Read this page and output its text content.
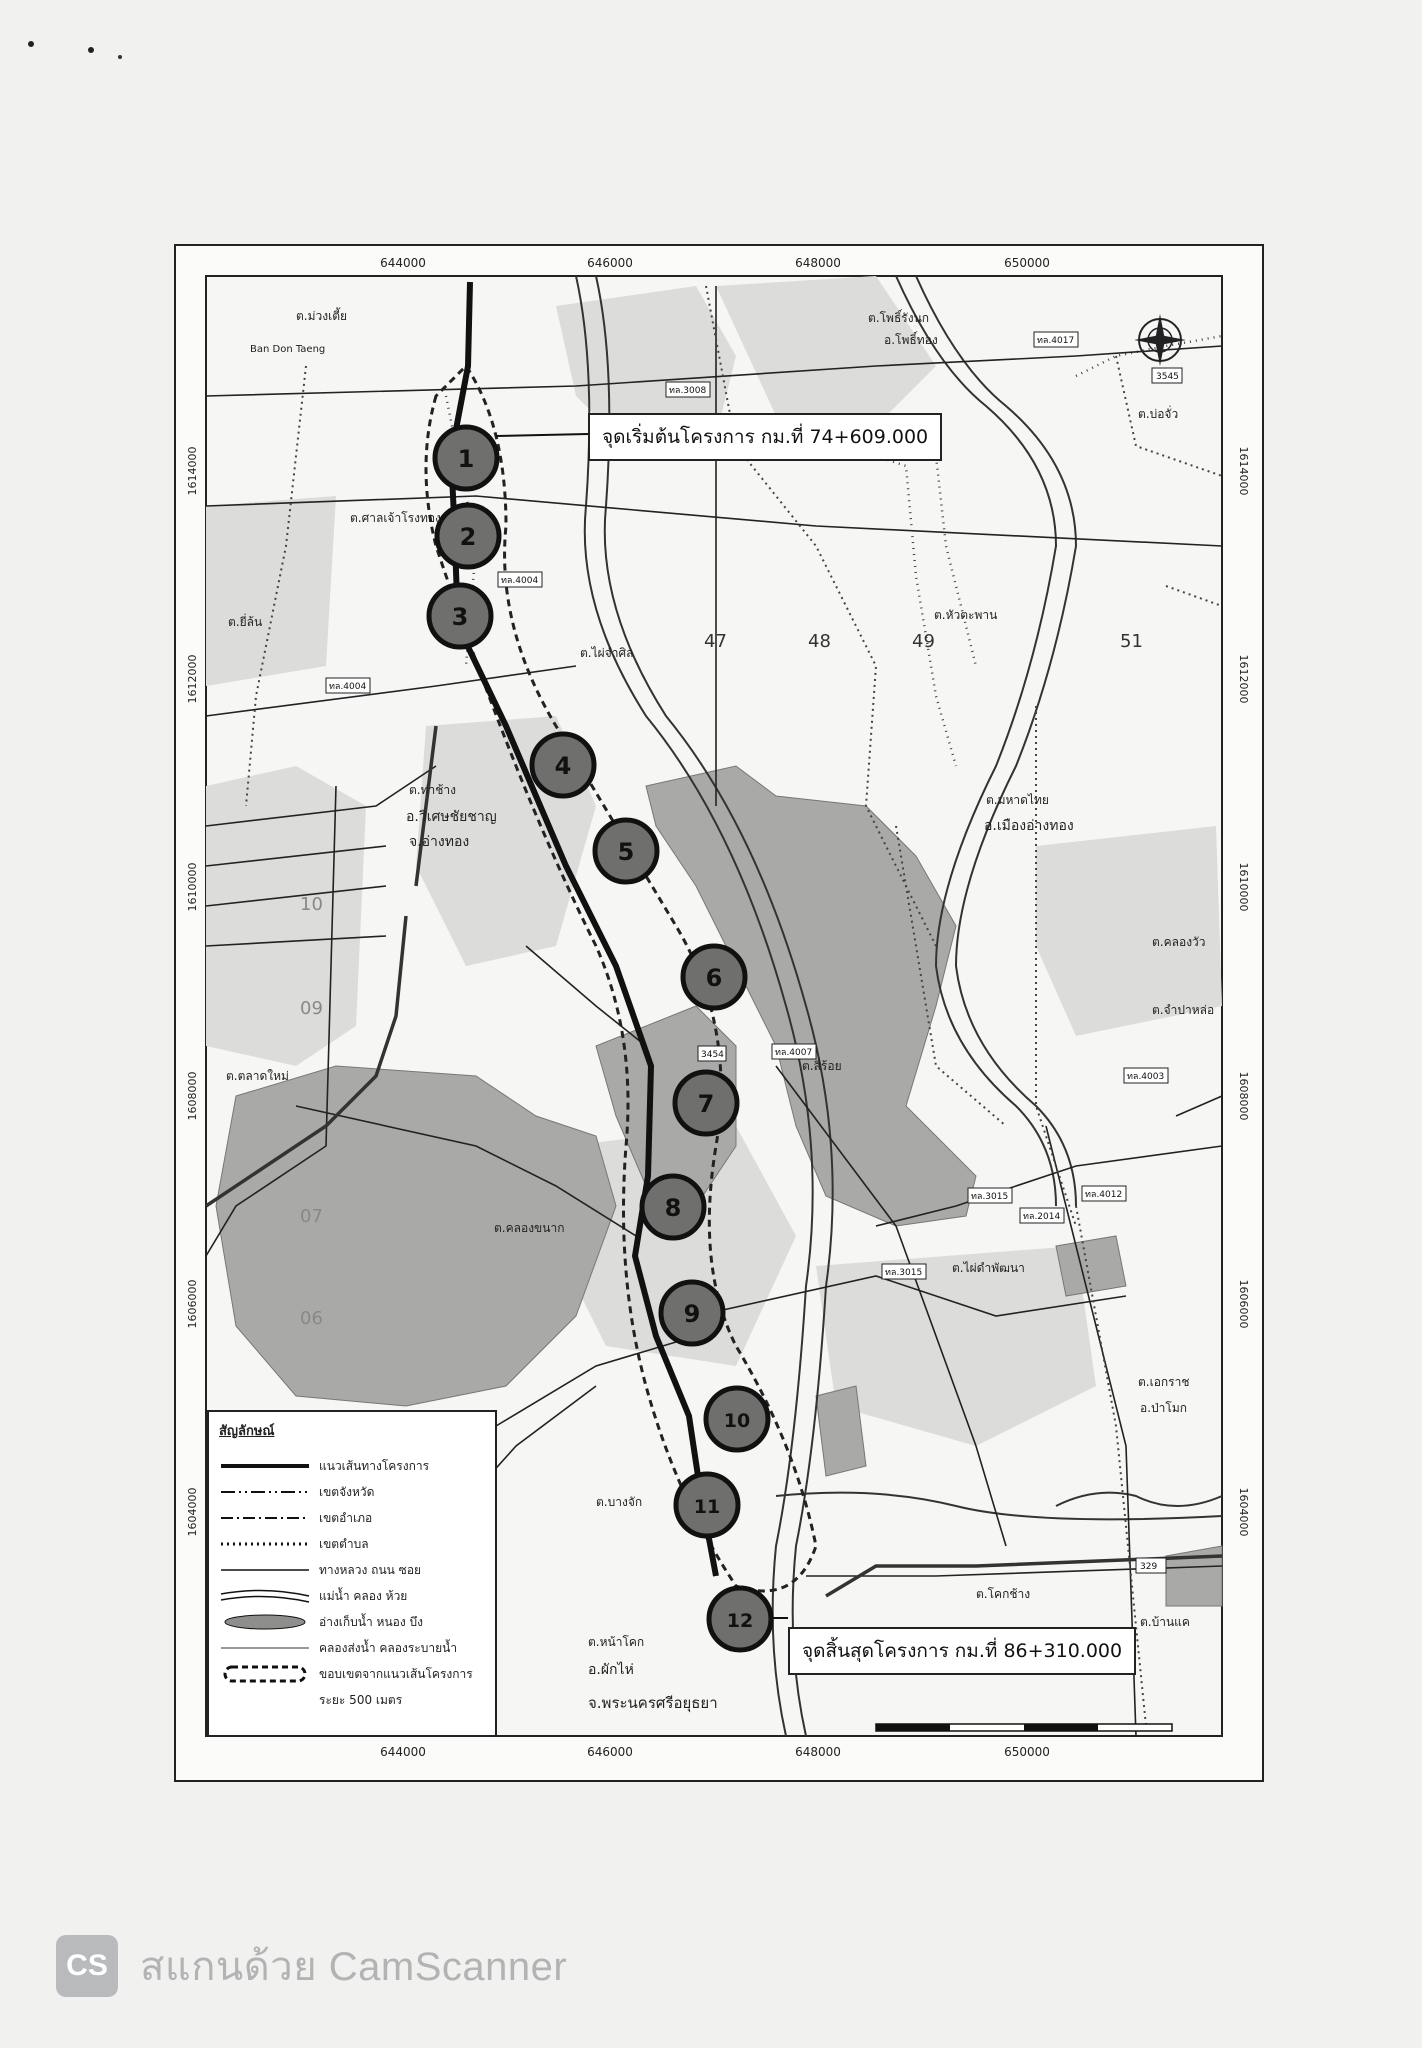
644000	646000	648000	650000
644000	646000	648000	650000
1614000
1612000
1610000
1608000
1606000
1604000
1614000
1612000
1610000
1608000
1606000
1604000
1
2
3
4
5
6
7
8
9
10
11
12
ต.ม่วงเตี้ย
Ban Don Taeng
ต.โพธิ์รังนก
อ.โพธิ์ทอง
ต.บ่อจั่ว
ต.ศาลเจ้าโรงทอง
ต.ยี่ล้น
ต.ไผ่จำศิล
ต.หัวตะพาน
ต.ท่าช้าง
อ.วิเศษชัยชาญ
จ.อ่างทอง
ต.มหาดไทย
อ.เมืองอ่างทอง
ต.คลองวัว
ต.จำปาหล่อ
ต.ตลาดใหม่
ต.สี่ร้อย
ต.คลองขนาก
ต.ไผ่ดำพัฒนา
ต.เอกราช
อ.ป่าโมก
ต.บางจัก
ต.โคกช้าง
ต.บ้านแค
ต.หน้าโคก
อ.ผักไห่
จ.พระนครศรีอยุธยา
47	48	49	51
10
09
07
06
ทล.4017
3545
ทล.3008
ทล.4004
ทล.4004
3454	ทล.4007
ทล.4003
ทล.3015
ทล.2014
ทล.4012
ทล.3015
329
จุดเริ่มต้นโครงการ กม.ที่ 74+609.000
จุดสิ้นสุดโครงการ กม.ที่ 86+310.000
สัญลักษณ์
แนวเส้นทางโครงการ
เขตจังหวัด
เขตอำเภอ
เขตตำบล
ทางหลวง ถนน ซอย
แม่น้ำ คลอง ห้วย
อ่างเก็บน้ำ หนอง บึง
คลองส่งน้ำ คลองระบายน้ำ
ขอบเขตจากแนวเส้นโครงการ
ระยะ 500 เมตร
CS สแกนด้วย CamScanner
